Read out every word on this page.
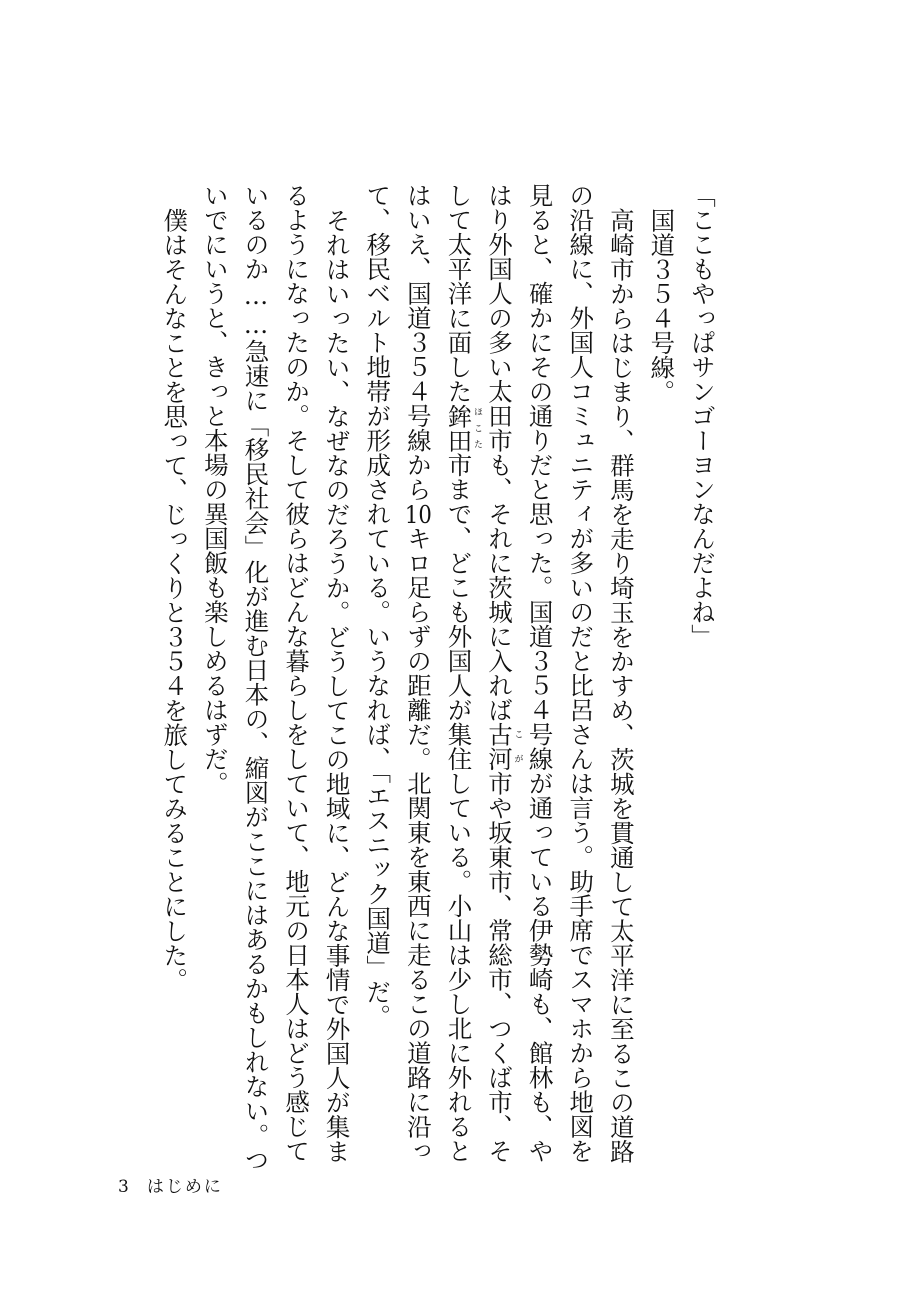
「ここもやっぱサンゴーヨンなんだよね」

国道３５４号線。

高崎市からはじまり、群馬を走り埼玉をかすめ、茨城を貫通して太平洋に至るこの道路の沿線に、外国人コミュニティが多いのだと比呂さんは言う。助手席でスマホから地図を見ると、確かにその通りだと思った。国道３５４号線が通っている伊勢崎も、館林も、やはり外国人の多い太田市も、それに茨城に入れば古河こが市や坂東市、常総市、つくば市、そして太平洋に面した鉾田ほこた市まで、どこも外国人が集住している。小山は少し北に外れるとはいえ、国道３５４号線から10キロ足らずの距離だ。北関東を東西に走るこの道路に沿って、移民ベルト地帯が形成されている。いうなれば、「エスニック国道」だ。

それはいったい、なぜなのだろうか。どうしてこの地域に、どんな事情で外国人が集まるようになったのか。そして彼らはどんな暮らしをしていて、地元の日本人はどう感じているのか……急速に「移民社会」化が進む日本の、縮図がここにはあるかもしれない。ついでにいうと、きっと本場の異国飯も楽しめるはずだ。

僕はそんなことを思って、じっくりと３５４を旅してみることにした。

3 はじめに
